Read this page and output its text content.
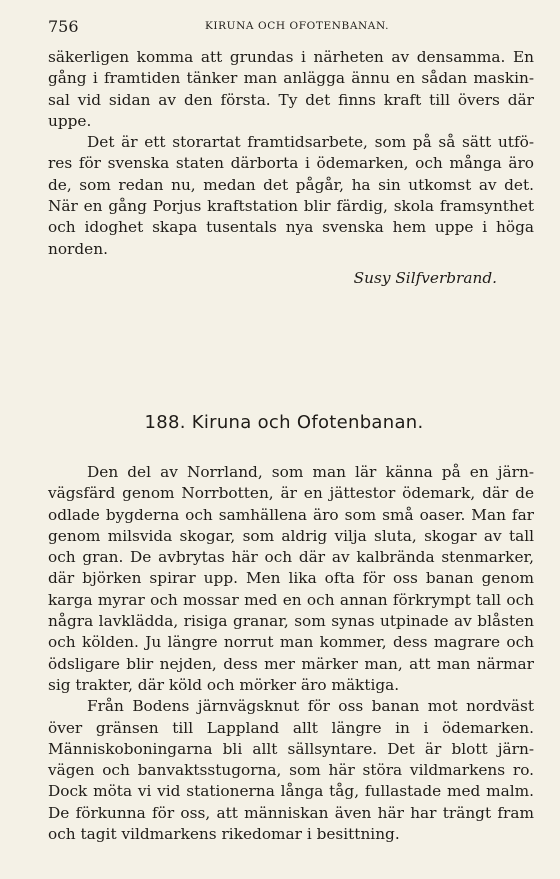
756	KIRUNA OCH OFOTENBANAN.

säkerligen komma att grundas i närheten av densamma. En gång i framtiden tänker man anlägga ännu en sådan maskinsal vid sidan av den första. Ty det finns kraft till övers där uppe.

Det är ett storartat framtidsarbete, som på så sätt utföres för svenska staten därborta i ödemarken, och många äro de, som redan nu, medan det pågår, ha sin utkomst av det. När en gång Porjus kraftstation blir färdig, skola framsynthet och idoghet skapa tusentals nya svenska hem uppe i höga norden.

Susy Silfverbrand.
188. Kiruna och Ofotenbanan.

Den del av Norrland, som man lär känna på en järnvägsfärd genom Norrbotten, är en jättestor ödemark, där de odlade bygderna och samhällena äro som små oaser. Man far genom milsvida skogar, som aldrig vilja sluta, skogar av tall och gran. De avbrytas här och där av kalbrända stenmarker, där björken spirar upp. Men lika ofta för oss banan genom karga myrar och mossar med en och annan förkrympt tall och några lavklädda, risiga granar, som synas utpinade av blåsten och kölden. Ju längre norrut man kommer, dess magrare och ödsligare blir nejden, dess mer märker man, att man närmar sig trakter, där köld och mörker äro mäktiga.

Från Bodens järnvägsknut för oss banan mot nordväst över gränsen till Lappland allt längre in i ödemarken. Människoboningarna bli allt sällsyntare. Det är blott järnvägen och banvaktsstugorna, som här störa vildmarkens ro. Dock möta vi vid stationerna långa tåg, fullastade med malm. De förkunna för oss, att människan även här har trängt fram och tagit vildmarkens rikedomar i besittning.
